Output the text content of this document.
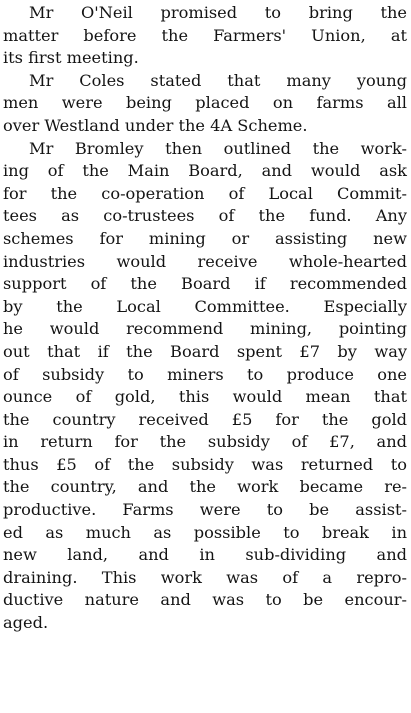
Mr O'Neil promised to bring the
matter before the Farmers' Union, at
its first meeting.
Mr Coles stated that many young
men were being placed on farms all
over Westland under the 4A Scheme.
Mr Bromley then outlined the work-
ing of the Main Board, and would ask
for the co-operation of Local Commit-
tees as co-trustees of the fund. Any
schemes for mining or assisting new
industries would receive whole-hearted
support of the Board if recommended
by the Local Committee. Especially
he would recommend mining, pointing
out that if the Board spent £7 by way
of subsidy to miners to produce one
ounce of gold, this would mean that
the country received £5 for the gold
in return for the subsidy of £7, and
thus £5 of the subsidy was returned to
the country, and the work became re-
productive. Farms were to be assist-
ed as much as possible to break in
new land, and in sub-dividing and
draining. This work was of a repro-
ductive nature and was to be encour-
aged.
